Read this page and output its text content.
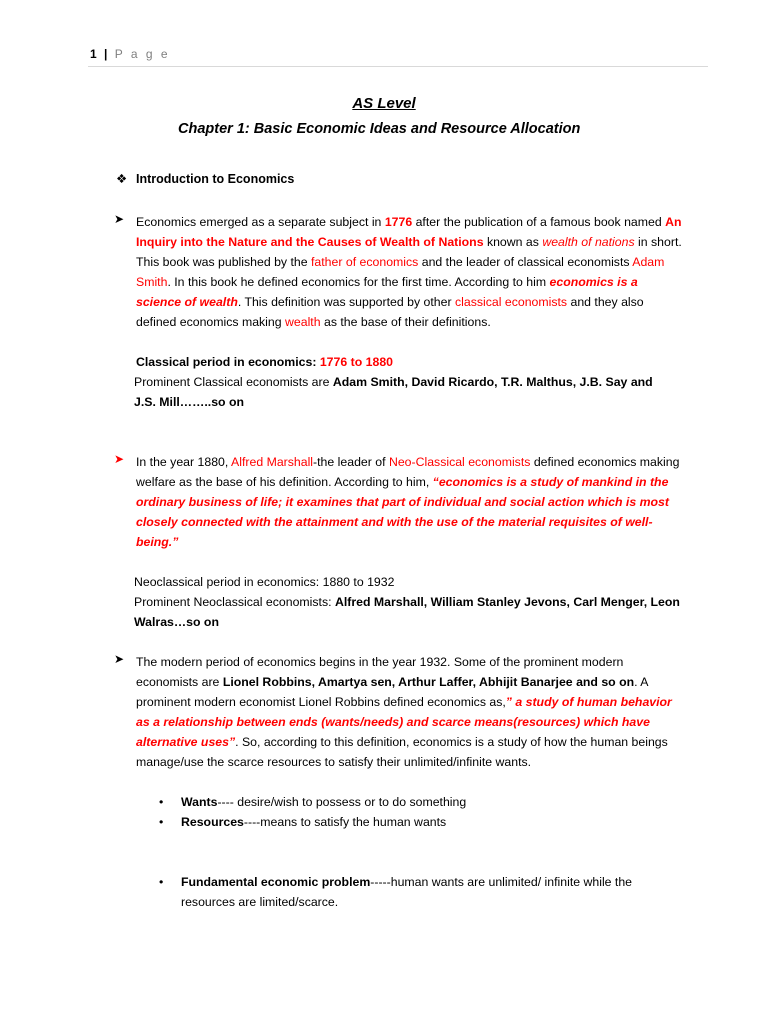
1 | P a g e
AS Level
Chapter 1: Basic Economic Ideas and Resource Allocation
❖ Introduction to Economics
➤ Economics emerged as a separate subject in 1776 after the publication of a famous book named An Inquiry into the Nature and the Causes of Wealth of Nations known as wealth of nations in short. This book was published by the father of economics and the leader of classical economists Adam Smith. In this book he defined economics for the first time. According to him economics is a science of wealth. This definition was supported by other classical economists and they also defined economics making wealth as the base of their definitions.
Classical period in economics: 1776 to 1880
Prominent Classical economists are Adam Smith, David Ricardo, T.R. Malthus, J.B. Say and
J.S. Mill……..so on
➤ In the year 1880, Alfred Marshall-the leader of Neo-Classical economists defined economics making welfare as the base of his definition. According to him, “economics is a study of mankind in the ordinary business of life; it examines that part of individual and social action which is most closely connected with the attainment and with the use of the material requisites of well-being.”
Neoclassical period in economics: 1880 to 1932
Prominent Neoclassical economists: Alfred Marshall, William Stanley Jevons, Carl Menger, Leon
Walras…so on
➤ The modern period of economics begins in the year 1932. Some of the prominent modern economists are Lionel Robbins, Amartya sen, Arthur Laffer, Abhijit Banarjee and so on. A prominent modern economist Lionel Robbins defined economics as,” a study of human behavior as a relationship between ends (wants/needs) and scarce means(resources) which have alternative uses”. So, according to this definition, economics is a study of how the human beings manage/use the scarce resources to satisfy their unlimited/infinite wants.
• Wants---- desire/wish to possess or to do something
• Resources----means to satisfy the human wants
• Fundamental economic problem-----human wants are unlimited/ infinite while the resources are limited/scarce.
